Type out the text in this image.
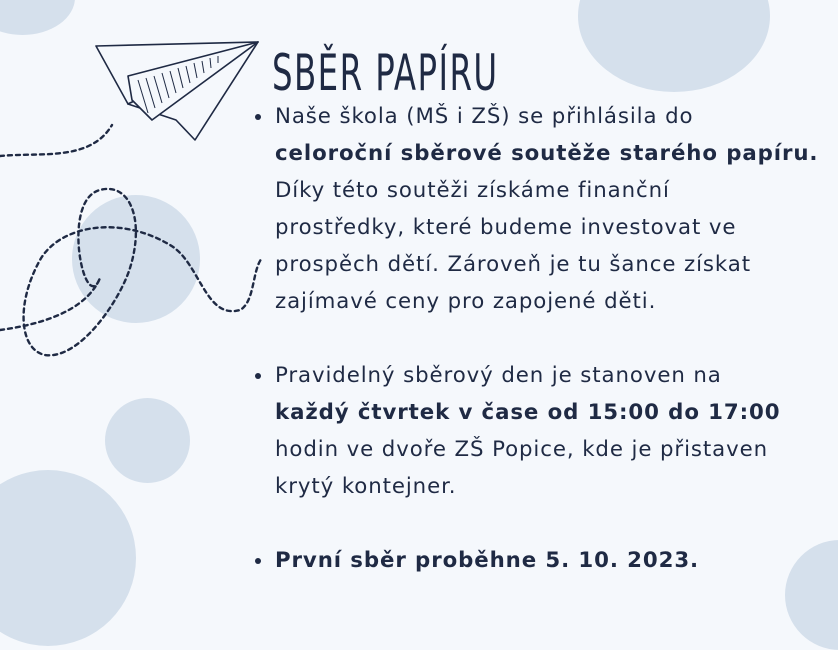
SBĚR PAPÍRU
Naše škola (MŠ i ZŠ) se přihlásila do
celoroční sběrové soutěže starého papíru.
Díky této soutěži získáme finanční
prostředky, které budeme investovat ve
prospěch dětí. Zároveň je tu šance získat
zajímavé ceny pro zapojené děti.
Pravidelný sběrový den je stanoven na
každý čtvrtek v čase od 15:00 do 17:00
hodin ve dvoře ZŠ Popice, kde je přistaven
krytý kontejner.
První sběr proběhne 5. 10. 2023.
